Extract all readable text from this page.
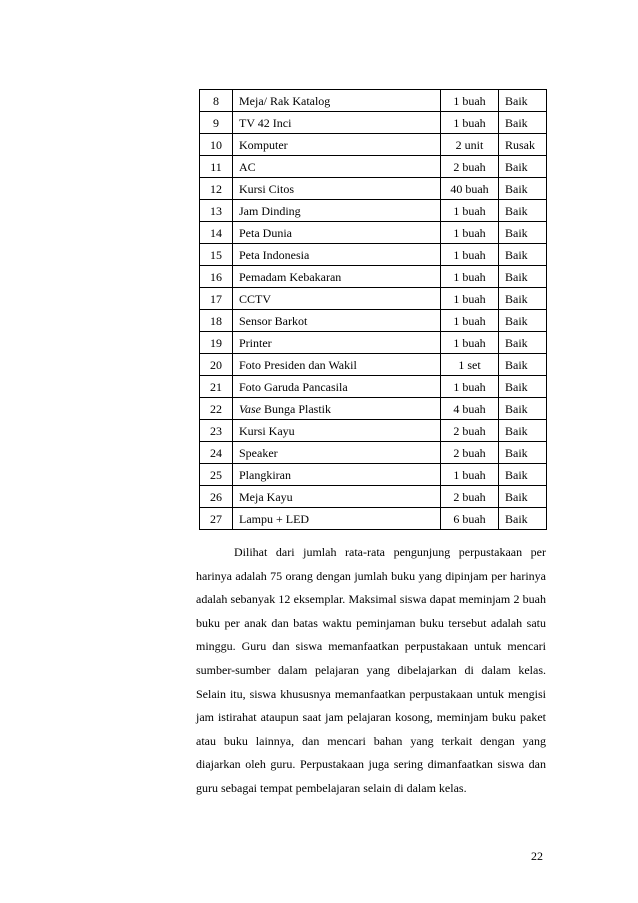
8	Meja/ Rak Katalog	1 buah	Baik
9	TV 42 Inci	1 buah	Baik
10	Komputer	2 unit	Rusak
11	AC	2 buah	Baik
12	Kursi Citos	40 buah	Baik
13	Jam Dinding	1 buah	Baik
14	Peta Dunia	1 buah	Baik
15	Peta Indonesia	1 buah	Baik
16	Pemadam Kebakaran	1 buah	Baik
17	CCTV	1 buah	Baik
18	Sensor Barkot	1 buah	Baik
19	Printer	1 buah	Baik
20	Foto Presiden dan Wakil	1 set	Baik
21	Foto Garuda Pancasila	1 buah	Baik
22	Vase Bunga Plastik	4 buah	Baik
23	Kursi Kayu	2 buah	Baik
24	Speaker	2 buah	Baik
25	Plangkiran	1 buah	Baik
26	Meja Kayu	2 buah	Baik
27	Lampu + LED	6 buah	Baik

Dilihat dari jumlah rata-rata pengunjung perpustakaan per harinya adalah 75 orang dengan jumlah buku yang dipinjam per harinya adalah sebanyak 12 eksemplar. Maksimal siswa dapat meminjam 2 buah buku per anak dan batas waktu peminjaman buku tersebut adalah satu minggu. Guru dan siswa memanfaatkan perpustakaan untuk mencari sumber-sumber dalam pelajaran yang dibelajarkan di dalam kelas. Selain itu, siswa khususnya memanfaatkan perpustakaan untuk mengisi jam istirahat ataupun saat jam pelajaran kosong, meminjam buku paket atau buku lainnya, dan mencari bahan yang terkait dengan yang diajarkan oleh guru. Perpustakaan juga sering dimanfaatkan siswa dan guru sebagai tempat pembelajaran selain di dalam kelas.

22
